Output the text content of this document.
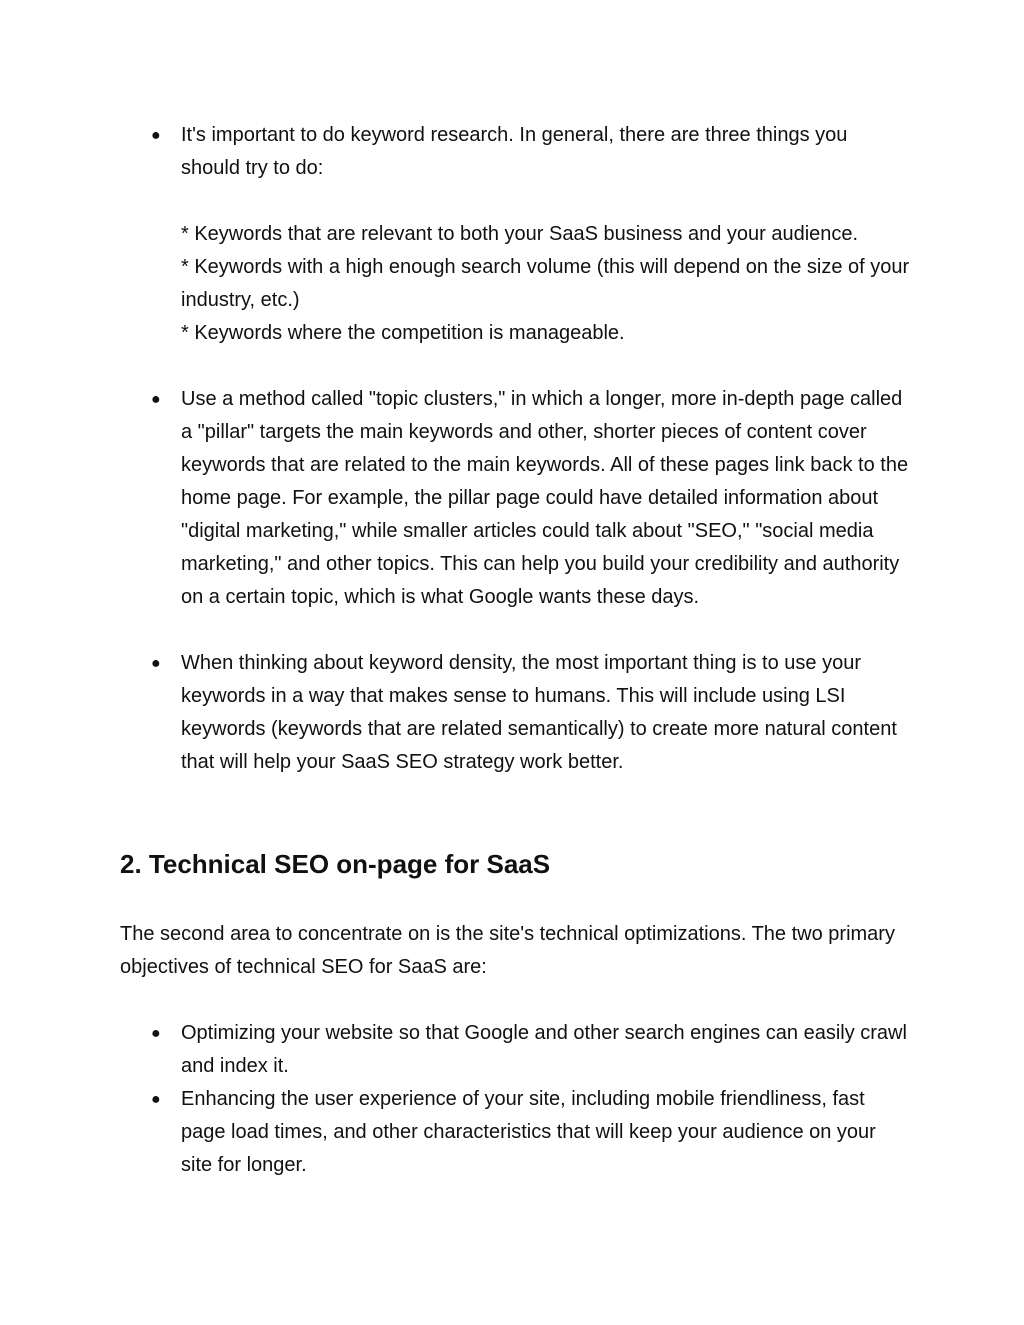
● It's important to do keyword research. In general, there are three things you should try to do:
* Keywords that are relevant to both your SaaS business and your audience.
* Keywords with a high enough search volume (this will depend on the size of your industry, etc.)
* Keywords where the competition is manageable.
● Use a method called "topic clusters," in which a longer, more in-depth page called a "pillar" targets the main keywords and other, shorter pieces of content cover keywords that are related to the main keywords. All of these pages link back to the home page. For example, the pillar page could have detailed information about "digital marketing," while smaller articles could talk about "SEO," "social media marketing," and other topics. This can help you build your credibility and authority on a certain topic, which is what Google wants these days.
● When thinking about keyword density, the most important thing is to use your keywords in a way that makes sense to humans. This will include using LSI keywords (keywords that are related semantically) to create more natural content that will help your SaaS SEO strategy work better.
2. Technical SEO on-page for SaaS

The second area to concentrate on is the site's technical optimizations. The two primary objectives of technical SEO for SaaS are:

● Optimizing your website so that Google and other search engines can easily crawl and index it.
● Enhancing the user experience of your site, including mobile friendliness, fast page load times, and other characteristics that will keep your audience on your site for longer.
